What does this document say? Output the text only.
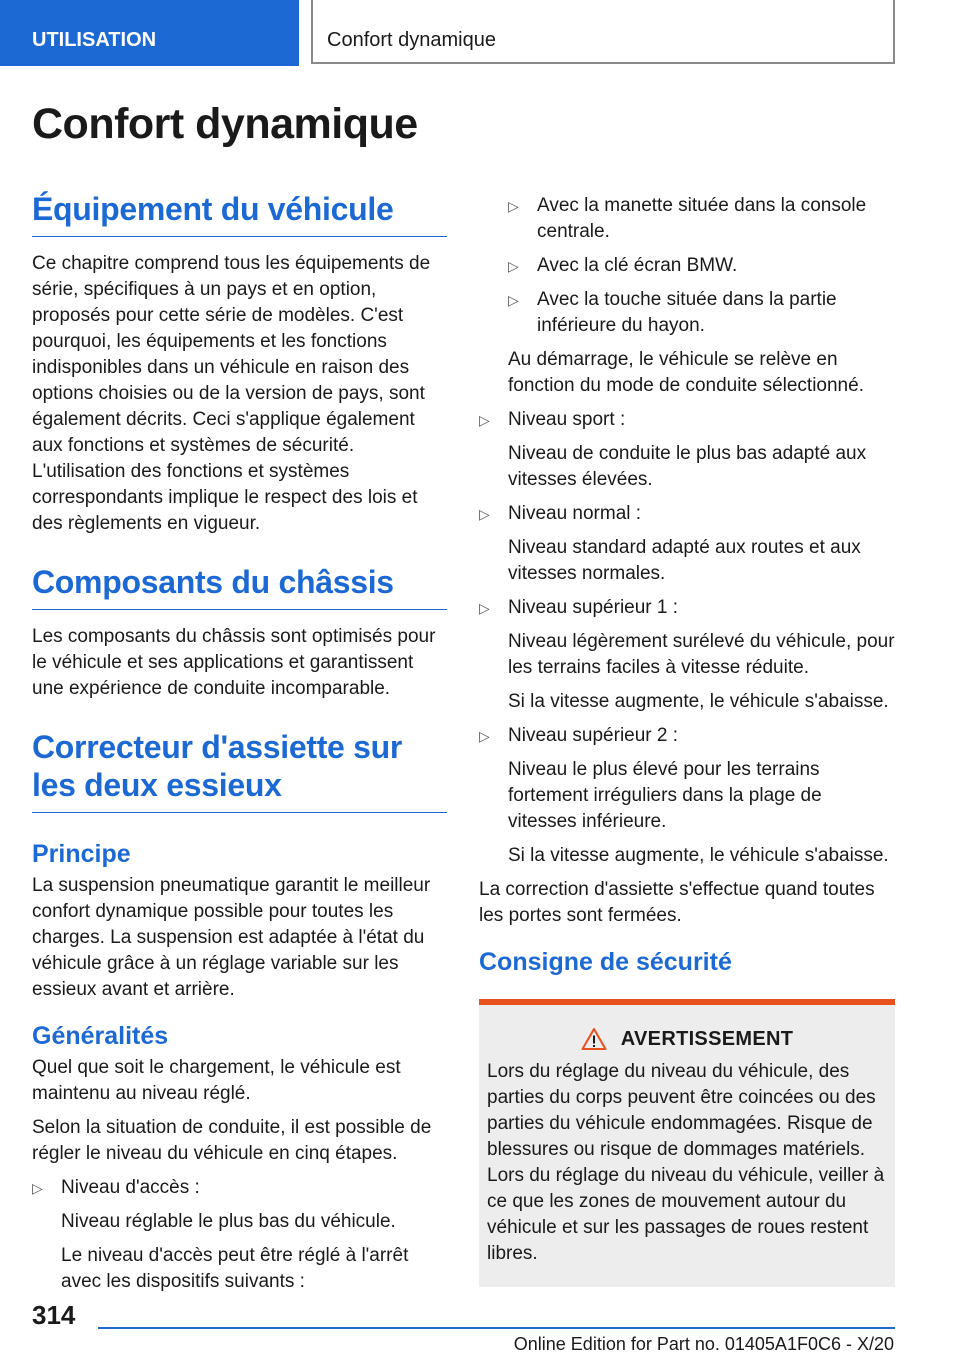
UTILISATION	Confort dynamique
Confort dynamique
Équipement du véhicule

Ce chapitre comprend tous les équipements de série, spécifiques à un pays et en option, proposés pour cette série de modèles. C'est pourquoi, les équipements et les fonctions indisponibles dans un véhicule en raison des options choisies ou de la version de pays, sont également décrits. Ceci s'applique également aux fonctions et systèmes de sécurité. L'utilisation des fonctions et systèmes correspondants implique le respect des lois et des règlements en vigueur.

Composants du châssis

Les composants du châssis sont optimisés pour le véhicule et ses applications et garantissent une expérience de conduite incomparable.

Correcteur d'assiette sur les deux essieux
Principe

La suspension pneumatique garantit le meilleur confort dynamique possible pour toutes les charges. La suspension est adaptée à l'état du véhicule grâce à un réglage variable sur les essieux avant et arrière.

Généralités

Quel que soit le chargement, le véhicule est maintenu au niveau réglé.

Selon la situation de conduite, il est possible de régler le niveau du véhicule en cinq étapes.

▷ Niveau d'accès :
Niveau réglable le plus bas du véhicule.
Le niveau d'accès peut être réglé à l'arrêt avec les dispositifs suivants :
▷ Avec la manette située dans la console centrale.
▷ Avec la clé écran BMW.
▷ Avec la touche située dans la partie inférieure du hayon.
Au démarrage, le véhicule se relève en fonction du mode de conduite sélectionné.
▷ Niveau sport :
Niveau de conduite le plus bas adapté aux vitesses élevées.
▷ Niveau normal :
Niveau standard adapté aux routes et aux vitesses normales.
▷ Niveau supérieur 1 :
Niveau légèrement surélevé du véhicule, pour les terrains faciles à vitesse réduite.
Si la vitesse augmente, le véhicule s'abaisse.
▷ Niveau supérieur 2 :
Niveau le plus élevé pour les terrains fortement irréguliers dans la plage de vitesses inférieure.
Si la vitesse augmente, le véhicule s'abaisse.

La correction d'assiette s'effectue quand toutes les portes sont fermées.

Consigne de sécurité
AVERTISSEMENT

Lors du réglage du niveau du véhicule, des parties du corps peuvent être coincées ou des parties du véhicule endommagées. Risque de blessures ou risque de dommages matériels. Lors du réglage du niveau du véhicule, veiller à ce que les zones de mouvement autour du véhicule et sur les passages de roues restent libres.

314
Online Edition for Part no. 01405A1F0C6 - X/20
